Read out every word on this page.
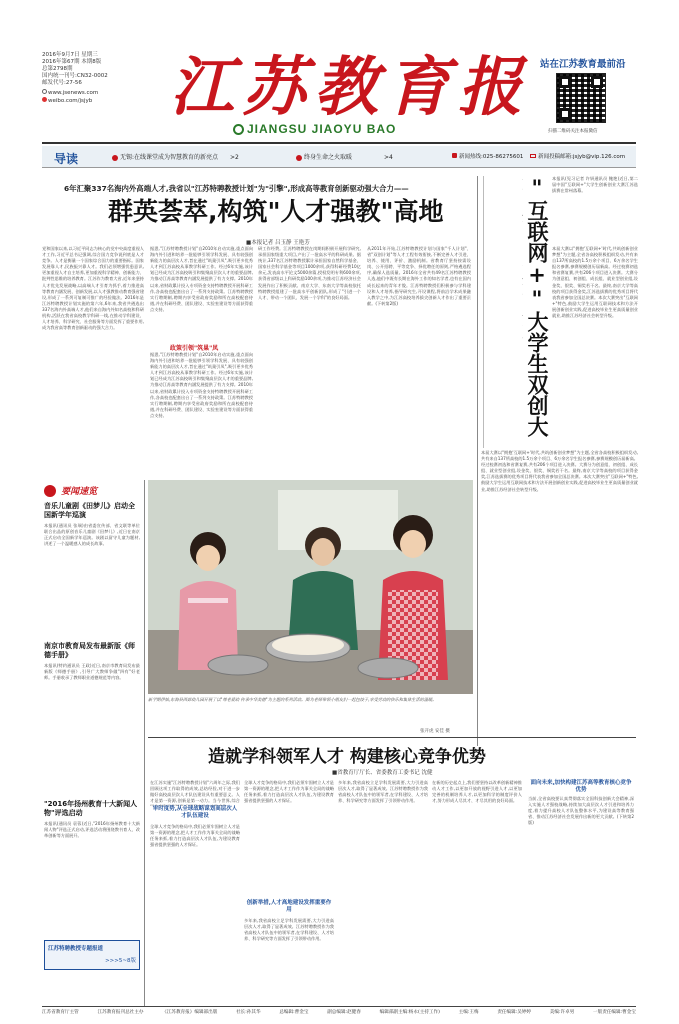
2016年9月7日 星期三
2016年第67期 本期8版
总第2798期
国内统一刊号:CN32-0002
邮发代号:27-56
www.jsenews.com
weibo.com/jsjyb	江苏教育报
JIANGSU JIAOYU BAO
站在江苏教育最前沿
扫描二维码关注本报微信
导读	无锡:在线课堂成为智慧教育的新亮点 >2	终身生命之火取暖	>4	新闻热线:025-86275601	新闻投稿邮箱:jsjyb@vip.126.com
6年汇聚337名海内外高端人才,我省以"江苏特聘教授计划"为"引擎",形成高等教育创新驱动强大合力——
群英荟萃,构筑"人才强教"高地
■本报记者 吕玉静 王艳芳
党和国家以来,以习近平同志为核心的党中央高度重视人才工作,习近平总书记强调,综合国力竞争说到底是人才竞争。人才是衡量一个国家综合国力的重要指标。国家发展靠人才,民族振兴靠人才。我们必须增强忧患意识,更加重视人才自主培养,更加重视科学精神、创新能力、批判性思维的培养教育。江苏作为教育大省,近年来坚持人才优先发展战略,以高端人才引育为抓手,着力推进高等教育内涵发展、创新发展,以人才强教推动教育强省建设,形成了一系列可复制可推广的经验做法。2016年是江苏特聘教授计划实施的第六年,6年来,我省共遴选出337名海内外高端人才,他们来自海内外知名高校和科研机构,活跃在我省高校教学科研一线,在推动学科建设、人才培养、科学研究、社会服务等方面发挥了重要作用,成为我省高等教育创新驱动的强大合力。
据悉,"江苏特聘教授计划"自2010年启动实施,重点面向海内外引进和培养一批能够引领学科发展、具有较强创新能力的高层次人才,旨在通过"筑巢引凤",吸引更多优秀人才到江苏高校从事教学科研工作。经过6年实施,该计划已经成为江苏高校吸引和集聚高层次人才的重要品牌,为推动江苏高等教育内涵发展提供了有力支撑。2010年以来,省财政累计投入专项资金支持特聘教授开展科研工作,各高校也配套出台了一系列支持政策。江苏特聘教授实行聘期制,聘期内享受省政府奖励和所在高校配套待遇,并在科研经费、团队建设、实验室建设等方面获得重点支持。
政策引领"筑巢"凤
据悉,"江苏特聘教授计划"自2010年启动实施,重点面向海内外引进和培养一批能够引领学科发展、具有较强创新能力的高层次人才,旨在通过"筑巢引凤",吸引更多优秀人才到江苏高校从事教学科研工作。经过6年实施,该计划已经成为江苏高校吸引和集聚高层次人才的重要品牌,为推动江苏高等教育内涵发展提供了有力支撑。2010年以来,省财政累计投入专项资金支持特聘教授开展科研工作,各高校也配套出台了一系列支持政策。江苏特聘教授实行聘期制,聘期内享受省政府奖励和所在高校配套待遇,并在科研经费、团队建设、实验室建设等方面获得重点支持。
研工作经费。江苏特聘教授在岗期间积极开展科学研究,承担国家级重大项目,产出了一批高水平的科研成果。据统计,337名江苏特聘教授累计承担国家自然科学基金、国家社会科学基金等项目1000余项,获得科研经费10亿余元,发表高水平论文5000余篇,授权发明专利600余项,获得省部级以上科研奖励100余项,为推动江苏经济社会发展作出了积极贡献。南京大学、东南大学等高校依托特聘教授组建了一批高水平创新团队,形成了"引进一个人才、带动一个团队、发展一个学科"的良好局面。
从2011年开始,江苏特聘教授计划与国家"千人计划"、省"双创计划"等人才工程有效衔接,不断完善人才引进、培养、使用、评价、激励机制。省教育厅坚持按需设岗、公开招聘、平等竞争、择优聘任的原则,严格遴选程序,确保人选质量。2016年全省共有49名江苏特聘教授人选,他们中既有长期在海外工作的知名学者,也有在国内成长起来的青年才俊。江苏特聘教授们积极参与学科建设和人才培养,指导研究生,开设课程,将前沿学术成果融入教学之中,为江苏高校培养拔尖创新人才作出了重要贡献。(下转第2版)
本报讯(见习记者 许妍通讯员 鲍艳)近日,第二届中国"互联网+"大学生创新创业大赛江苏选拔赛在常州落幕。
本届大赛以"拥抱'互联网+'时代,共筑创新创业梦想"为主题,全省各高校积极组织发动,共有来自137所高校的1.5万余个项目、6万余名学生报名参赛,参赛规模创历届新高。经过校赛初选和省赛复赛,共有206个项目进入决赛。大赛分为创意组、初创组、成长组、就业型创业组,设金奖、银奖、铜奖若干名。最终,南京大学等高校的项目获得金奖,江苏选拔赛的优秀项目将代表我省参加全国总决赛。本次大赛突出"互联网+"特色,鼓励大学生运用互联网技术和方法开展创新创业实践,促进高校毕业生更高质量创业就业,助推江苏经济社会转型升级。
本届大赛以"拥抱'互联网+'时代,共筑创新创业梦想"为主题,全省各高校积极组织发动,共有来自137所高校的1.5万余个项目、6万余名学生报名参赛,参赛规模创历届新高。经过校赛初选和省赛复赛,共有206个项目进入决赛。大赛分为创意组、初创组、成长组、就业型创业组,设金奖、银奖、铜奖若干名。最终,南京大学等高校的项目获得金奖,江苏选拔赛的优秀项目将代表我省参加全国总决赛。本次大赛突出"互联网+"特色,鼓励大学生运用互联网技术和方法开展创新创业实践,促进高校毕业生更高质量创业就业,助推江苏经济社会转型升级。
"互联网+"大学生双创大
要闻速览
音乐儿童剧《田梦儿》启动全国新学年巡演
本报讯(通讯员 张瑞)由省委宣传部、省文联等单位联合出品的原创音乐儿童剧《田梦儿》,近日在南京正式启动全国新学年巡演。该剧以留守儿童为题材,讲述了一个温暖感人的成长故事。
南京市教育局发布最新版《师德手册》
本报讯(特约通讯员 王政)近日,南京市教育局发布最新版《师德手册》,引导广大教师争做"四有"好老师。手册收录了教师职业道德规范等内容。
"2016年扬州教育十大新闻人物"评选启动
本报讯(通讯员 袁蓉)近日,"2016年扬州教育十大新闻人物"评选正式启动,评选活动将围绕教书育人、改革创新等方面展开。
江苏特聘教授专题报道
>>>5~8版
新学期伊始,东海县西郊幼儿园开展了以"尊老爱幼 传承中华美德"为主题的系列活动。图为老师带领小朋友们一起包饺子,享受劳动的快乐和集体生活的温暖。
张开虎 安佳 摄
造就学科领军人才 构建核心竞争优势
■省教育厅厅长、省委教育工委书记 沈健
在江苏实施"江苏特聘教授计划"六周年之际,我们回顾这项工作取得的成效,总结经验,对于进一步做好高校高层次人才队伍建设具有重要意义。人才是第一资源,创新是第一动力。当今世界,综合
审时度势,从全球战略谋划高层次人才队伍建设
全球人才竞争的格局中,我们必须牢固树立人才是第一资源的理念,把人才工作作为事关全局的战略任务来抓,着力打造高层次人才队伍,为建设教育强省提供坚强的人才保证。
全球人才竞争的格局中,我们必须牢固树立人才是第一资源的理念,把人才工作作为事关全局的战略任务来抓,着力打造高层次人才队伍,为建设教育强省提供坚强的人才保证。
创新举措,人才高地建设发挥重要作用
多年来,我省高校立足学科发展需要,大力引进高层次人才,取得了显著成效。江苏特聘教授作为我省高校人才队伍中的领军者,在学科建设、人才培养、科学研究等方面发挥了引领带动作用。
多年来,我省高校立足学科发展需要,大力引进高层次人才,取得了显著成效。江苏特聘教授作为我省高校人才队伍中的领军者,在学科建设、人才培养、科学研究等方面发挥了引领带动作用。
在新的历史起点上,我们要坚持以改革创新精神推动人才工作,以更加开放的视野引进人才,以更加完善的机制培养人才,以更加科学的制度评价人才,努力形成人尽其才、才尽其用的良好局面。
面向未来,加快构建江苏高等教育核心竞争优势
当前,全省高校要认真贯彻落实全国科技创新大会精神,深入实施人才强校战略,持续加大高层次人才引进和培养力度,着力提升高校人才队伍整体水平,为建设高等教育强省、推动江苏经济社会发展作出新的更大贡献。(下转第2版)
江苏省教育厅主管	江苏教育报刊总社主办	《江苏教育报》编辑部出版	社长:孙其华	总编辑:曹金宝	副总编辑:赵健春	编辑部副主编:杨永(主持工作)	主编:王梅	责任编辑:吴婷婷	美编:许卓男	一版责任编辑:曹金宝
